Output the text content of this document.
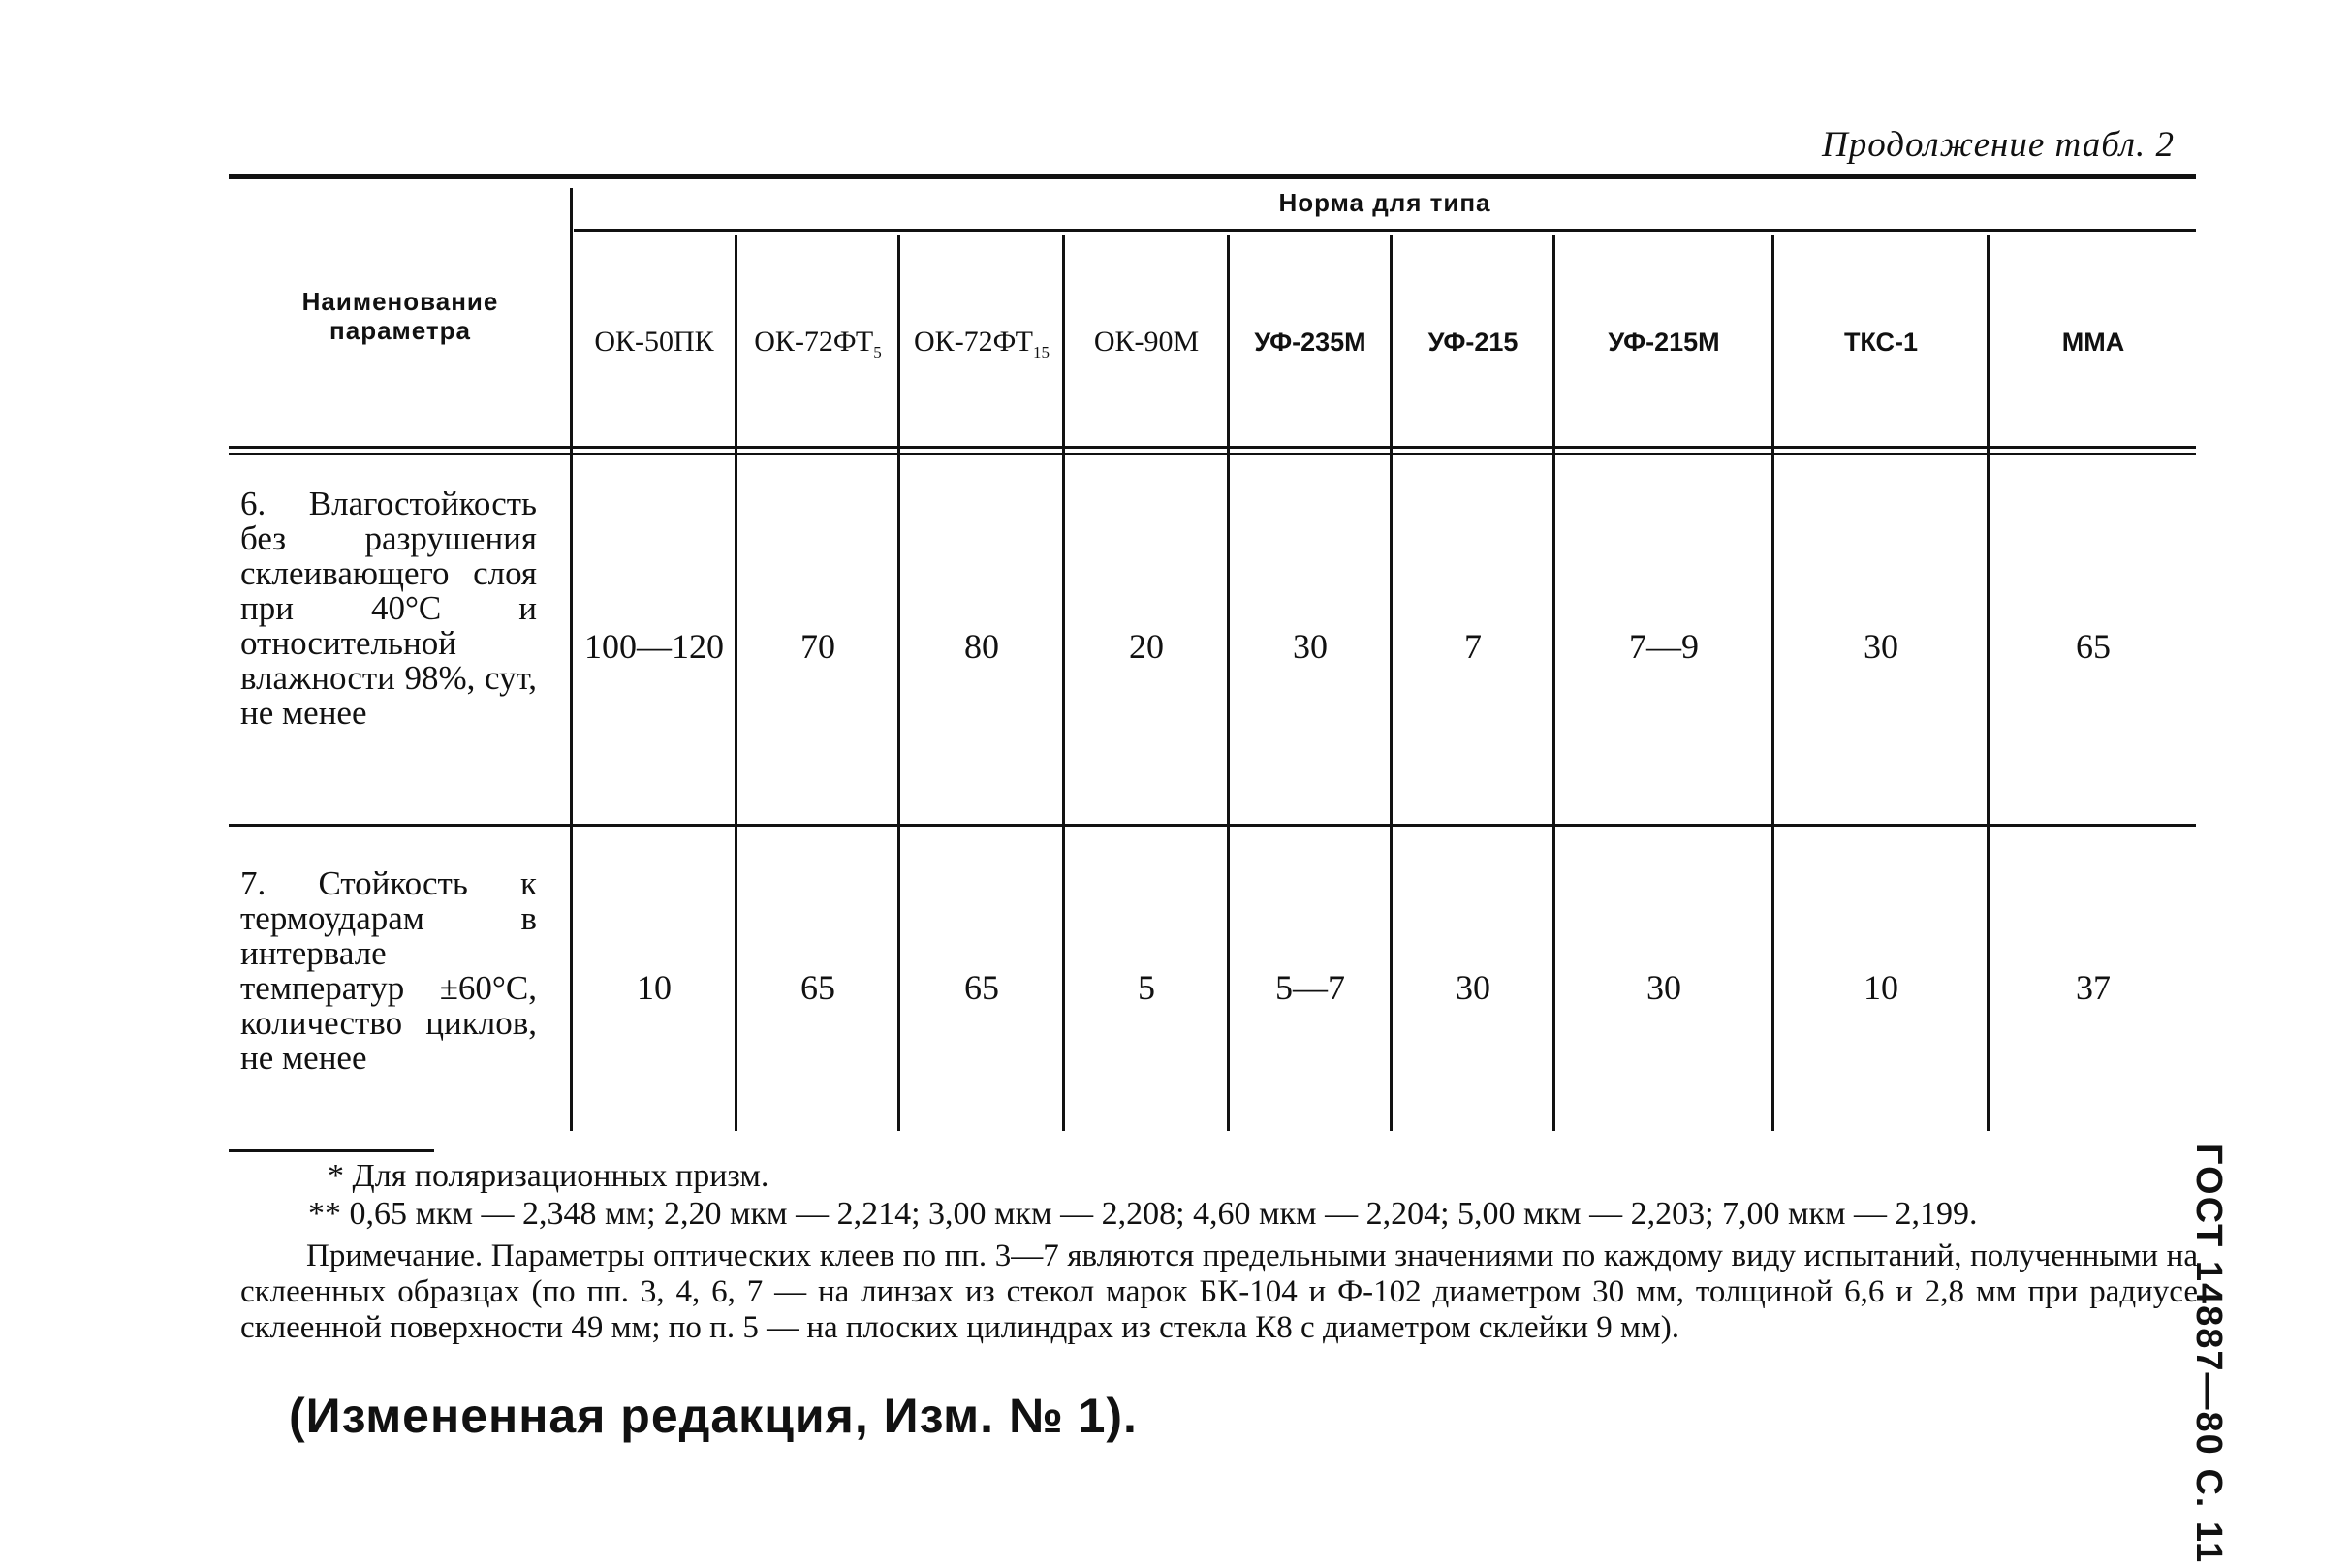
Продолжение табл. 2
Наименование параметра
Норма для типа
ОК-50ПК	$ОК-72ФТ_5$	$ОК-72ФТ_{15}$	ОК-90М	УФ-235М	УФ-215	УФ-215М	ТКС-1	ММА
6. Влагостойкость без разрушения склеивающего слоя при 40°С и относительной влажности 98%, сут, не менее
100—120	70	80	20	30	7	7—9	30	65
7. Стойкость к термоударам в интервале температур ±60°С, количество циклов, не менее
10	65	65	5	5—7	30	30	10	37
* Для поляризационных призм.
** 0,65 мкм — 2,348 мм; 2,20 мкм — 2,214; 3,00 мкм — 2,208; 4,60 мкм — 2,204; 5,00 мкм — 2,203; 7,00 мкм — 2,199.
Примечание. Параметры оптических клеев по пп. 3—7 являются предельными значениями по каждому виду испытаний, полученными на склеенных образцах (по пп. 3, 4, 6, 7 — на линзах из стекол марок БК-104 и Ф-102 диаметром 30 мм, толщиной 6,6 и 2,8 мм при радиусе склеенной поверхности 49 мм; по п. 5 — на плоских цилиндрах из стекла К8 с диаметром склейки 9 мм).
(Измененная редакция, Изм. № 1).	ГОСТ 14887—80 С. 11
